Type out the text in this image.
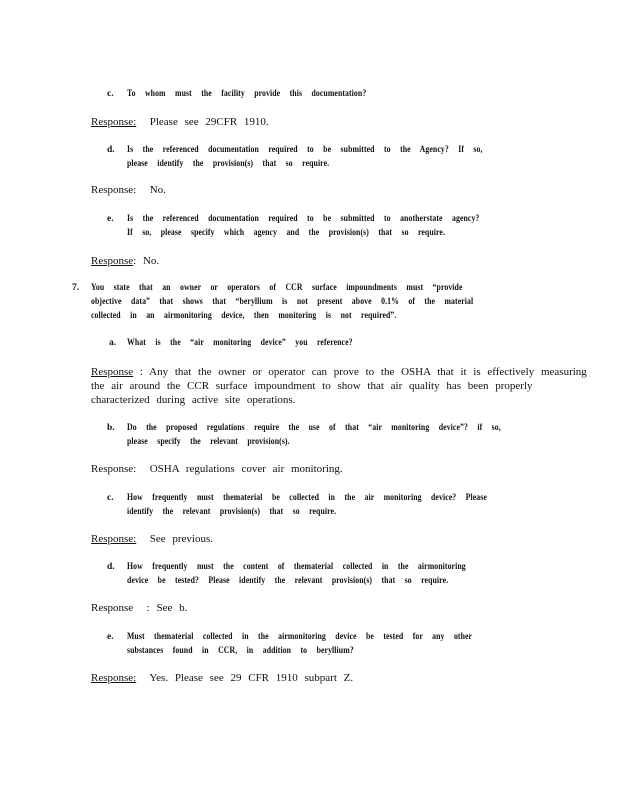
c. To whom must the facility provide this documentation?
Response: Please see 29CFR 1910.
d. Is the referenced documentation required to be submitted to the Agency? If so,
please identify the provision(s) that so require.
Response: No.
e. Is the referenced documentation required to be submitted to anotherstate agency?
If so, please specify which agency and the provision(s) that so require.
Response: No.
7. You state that an owner or operators of CCR surface impoundments must “provide
objective data” that shows that “beryllium is not present above 0.1% of the material
collected in an airmonitoring device, then monitoring is not required”.
a. What is the “air monitoring device” you reference?
Response : Any that the owner or operator can prove to the OSHA that it is effectively measuring
the air around the CCR surface impoundment to show that air quality has been properly
characterized during active site operations.
b. Do the proposed regulations require the use of that “air monitoring device”? if so,
please specify the relevant provision(s).
Response: OSHA regulations cover air monitoring.
c. How frequently must thematerial be collected in the air monitoring device? Please
identify the relevant provision(s) that so require.
Response: See previous.
d. How frequently must the content of thematerial collected in the airmonitoring
device be tested? Please identify the relevant provision(s) that so require.
Response : See b.
e. Must thematerial collected in the airmonitoring device be tested for any other
substances found in CCR, in addition to beryllium?
Response: Yes. Please see 29 CFR 1910 subpart Z.
